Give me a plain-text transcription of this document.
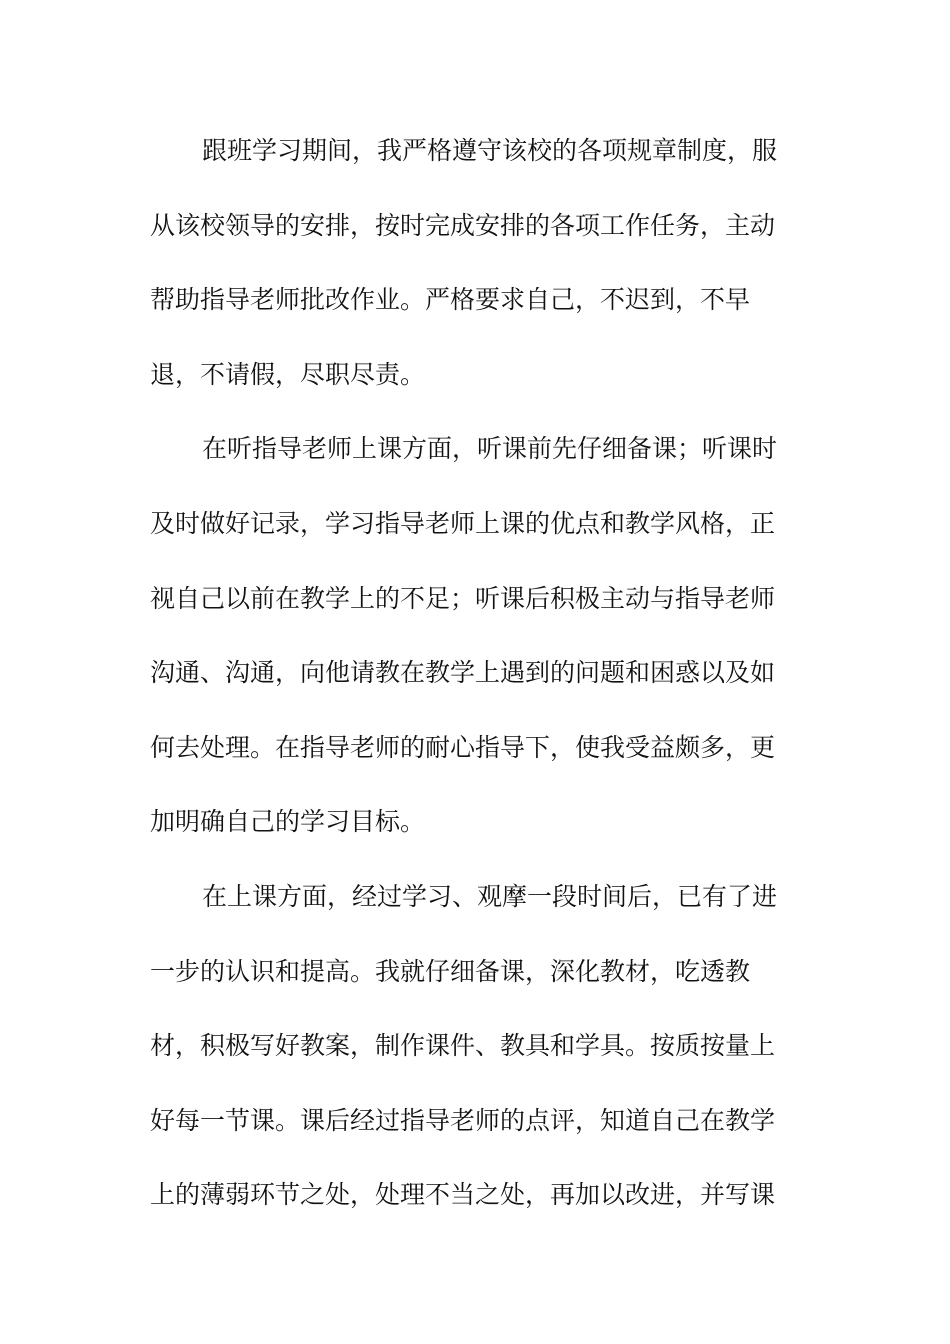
跟班学习期间，我严格遵守该校的各项规章制度，服
从该校领导的安排，按时完成安排的各项工作任务，主动
帮助指导老师批改作业。严格要求自己，不迟到，不早
退，不请假，尽职尽责。
在听指导老师上课方面，听课前先仔细备课；听课时
及时做好记录，学习指导老师上课的优点和教学风格，正
视自己以前在教学上的不足；听课后积极主动与指导老师
沟通、沟通，向他请教在教学上遇到的问题和困惑以及如
何去处理。在指导老师的耐心指导下，使我受益颇多，更
加明确自己的学习目标。
在上课方面，经过学习、观摩一段时间后，已有了进
一步的认识和提高。我就仔细备课，深化教材，吃透教
材，积极写好教案，制作课件、教具和学具。按质按量上
好每一节课。课后经过指导老师的点评，知道自己在教学
上的薄弱环节之处，处理不当之处，再加以改进，并写课
